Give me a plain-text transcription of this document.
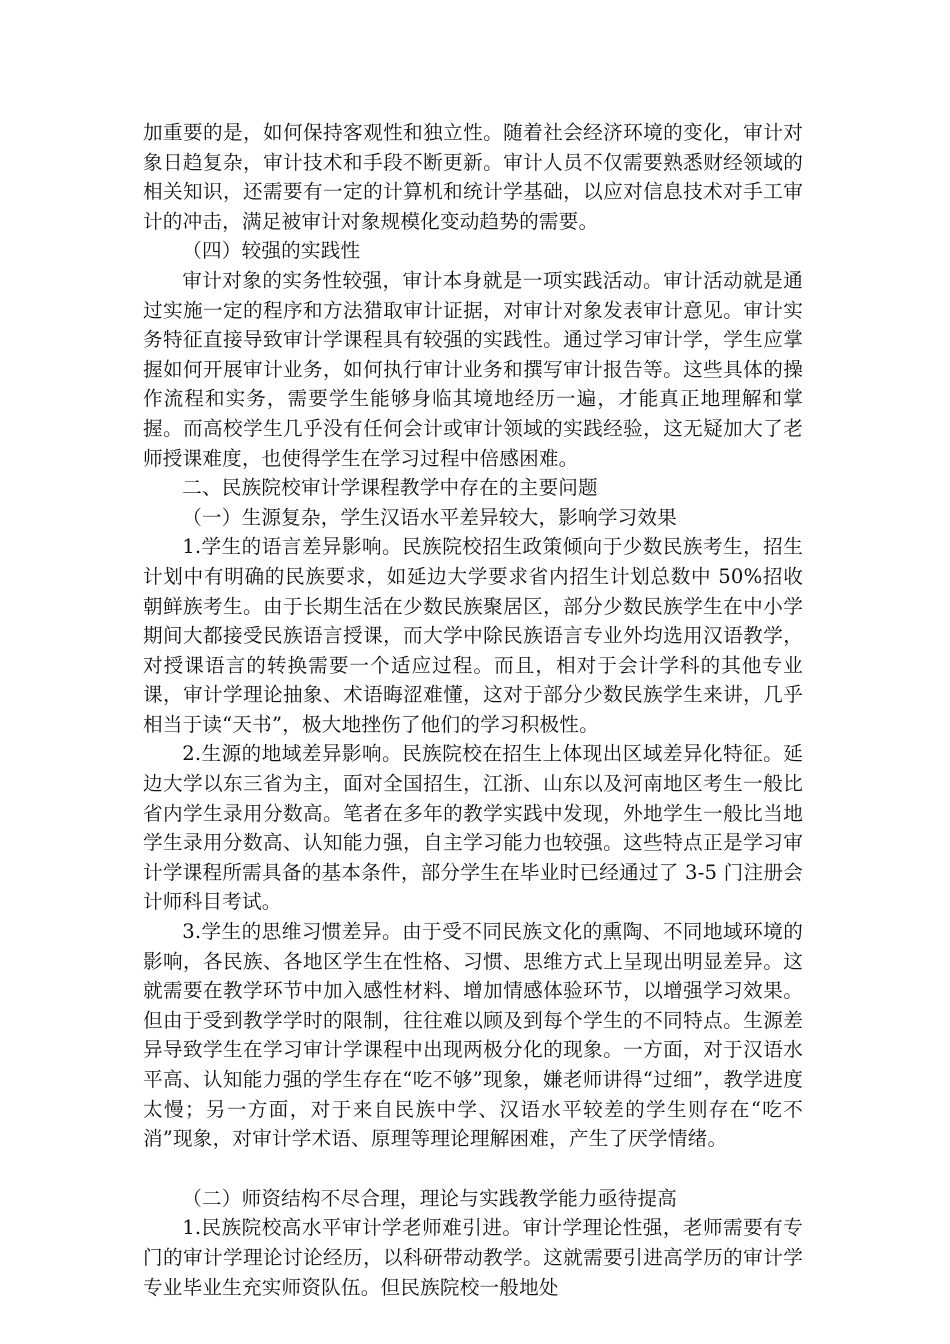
加重要的是，如何保持客观性和独立性。随着社会经济环境的变化，审计对象日趋复杂，审计技术和手段不断更新。审计人员不仅需要熟悉财经领域的相关知识，还需要有一定的计算机和统计学基础，以应对信息技术对手工审计的冲击，满足被审计对象规模化变动趋势的需要。

（四）较强的实践性

审计对象的实务性较强，审计本身就是一项实践活动。审计活动就是通过实施一定的程序和方法猎取审计证据，对审计对象发表审计意见。审计实务特征直接导致审计学课程具有较强的实践性。通过学习审计学，学生应掌握如何开展审计业务，如何执行审计业务和撰写审计报告等。这些具体的操作流程和实务，需要学生能够身临其境地经历一遍，才能真正地理解和掌握。而高校学生几乎没有任何会计或审计领域的实践经验，这无疑加大了老师授课难度，也使得学生在学习过程中倍感困难。

二、民族院校审计学课程教学中存在的主要问题

（一）生源复杂，学生汉语水平差异较大，影响学习效果

1.学生的语言差异影响。民族院校招生政策倾向于少数民族考生，招生计划中有明确的民族要求，如延边大学要求省内招生计划总数中 50%招收朝鲜族考生。由于长期生活在少数民族聚居区，部分少数民族学生在中小学期间大都接受民族语言授课，而大学中除民族语言专业外均选用汉语教学，对授课语言的转换需要一个适应过程。而且，相对于会计学科的其他专业课，审计学理论抽象、术语晦涩难懂，这对于部分少数民族学生来讲，几乎相当于读“天书”，极大地挫伤了他们的学习积极性。

2.生源的地域差异影响。民族院校在招生上体现出区域差异化特征。延边大学以东三省为主，面对全国招生，江浙、山东以及河南地区考生一般比省内学生录用分数高。笔者在多年的教学实践中发现，外地学生一般比当地学生录用分数高、认知能力强，自主学习能力也较强。这些特点正是学习审计学课程所需具备的基本条件，部分学生在毕业时已经通过了 3-5 门注册会计师科目考试。

3.学生的思维习惯差异。由于受不同民族文化的熏陶、不同地域环境的影响，各民族、各地区学生在性格、习惯、思维方式上呈现出明显差异。这就需要在教学环节中加入感性材料、增加情感体验环节，以增强学习效果。但由于受到教学学时的限制，往往难以顾及到每个学生的不同特点。生源差异导致学生在学习审计学课程中出现两极分化的现象。一方面，对于汉语水平高、认知能力强的学生存在“吃不够”现象，嫌老师讲得“过细”，教学进度太慢；另一方面，对于来自民族中学、汉语水平较差的学生则存在“吃不消”现象，对审计学术语、原理等理论理解困难，产生了厌学情绪。

（二）师资结构不尽合理，理论与实践教学能力亟待提高

1.民族院校高水平审计学老师难引进。审计学理论性强，老师需要有专门的审计学理论讨论经历，以科研带动教学。这就需要引进高学历的审计学专业毕业生充实师资队伍。但民族院校一般地处
